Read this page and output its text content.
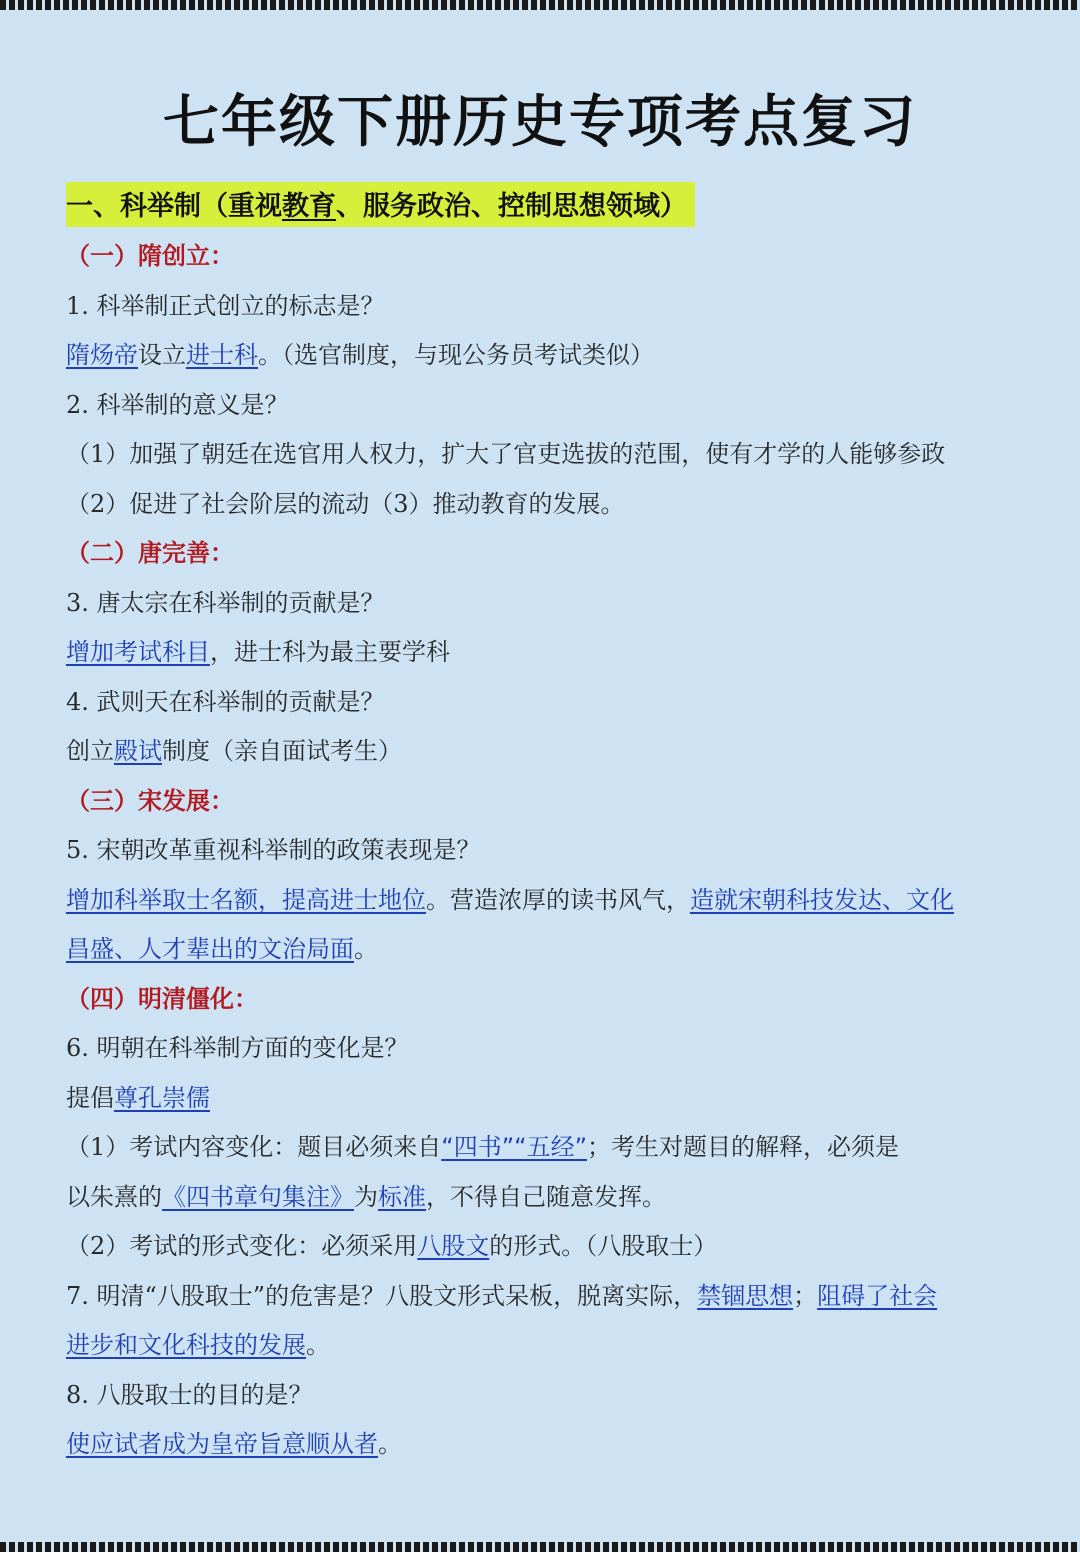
七年级下册历史专项考点复习
一、科举制（重视教育、服务政治、控制思想领域）
（一）隋创立：
1. 科举制正式创立的标志是？
隋炀帝设立进士科。（选官制度，与现公务员考试类似）
2. 科举制的意义是？
（1）加强了朝廷在选官用人权力，扩大了官吏选拔的范围，使有才学的人能够参政
（2）促进了社会阶层的流动（3）推动教育的发展。
（二）唐完善：
3. 唐太宗在科举制的贡献是？
增加考试科目，进士科为最主要学科
4. 武则天在科举制的贡献是？
创立殿试制度（亲自面试考生）
（三）宋发展：
5. 宋朝改革重视科举制的政策表现是？
增加科举取士名额，提高进士地位。营造浓厚的读书风气，造就宋朝科技发达、文化
昌盛、人才辈出的文治局面。
（四）明清僵化：
6. 明朝在科举制方面的变化是？
提倡尊孔崇儒
（1）考试内容变化：题目必须来自“四书”“五经”；考生对题目的解释，必须是
以朱熹的《四书章句集注》为标准，不得自己随意发挥。
（2）考试的形式变化：必须采用八股文的形式。（八股取士）
7. 明清“八股取士”的危害是？八股文形式呆板，脱离实际，禁锢思想；阻碍了社会
进步和文化科技的发展。
8. 八股取士的目的是？
使应试者成为皇帝旨意顺从者。
